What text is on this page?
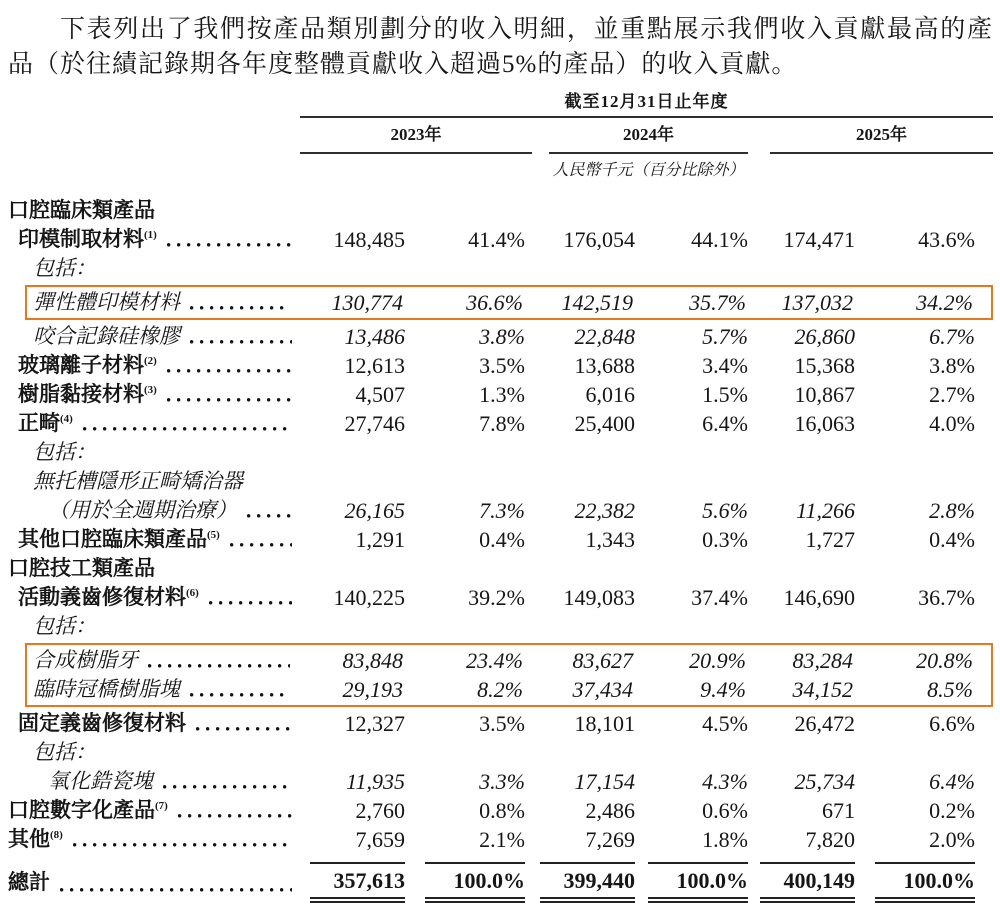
下表列出了我們按產品類別劃分的收入明細，並重點展示我們收入貢獻最高的產品（於往績記錄期各年度整體貢獻收入超過5%的產品）的收入貢獻。
截至12月31日止年度
2023年	2024年	2025年
人民幣千元（百分比除外）
口腔臨床類產品
印模制取材料$^{(1)}$	148,485	41.4%	176,054	44.1%	174,471	43.6%
包括：
彈性體印模材料	130,774	36.6%	142,519	35.7%	137,032	34.2%
咬合記錄硅橡膠	13,486	3.8%	22,848	5.7%	26,860	6.7%
玻璃離子材料$^{(2)}$	12,613	3.5%	13,688	3.4%	15,368	3.8%
樹脂黏接材料$^{(3)}$	4,507	1.3%	6,016	1.5%	10,867	2.7%
正畸$^{(4)}$	27,746	7.8%	25,400	6.4%	16,063	4.0%
包括：
無托槽隱形正畸矯治器
（用於全週期治療）	26,165	7.3%	22,382	5.6%	11,266	2.8%
其他口腔臨床類產品$^{(5)}$	1,291	0.4%	1,343	0.3%	1,727	0.4%
口腔技工類產品
活動義齒修復材料$^{(6)}$	140,225	39.2%	149,083	37.4%	146,690	36.7%
包括：
合成樹脂牙	83,848	23.4%	83,627	20.9%	83,284	20.8%
臨時冠橋樹脂塊	29,193	8.2%	37,434	9.4%	34,152	8.5%
固定義齒修復材料	12,327	3.5%	18,101	4.5%	26,472	6.6%
包括：
氧化鋯瓷塊	11,935	3.3%	17,154	4.3%	25,734	6.4%
口腔數字化產品$^{(7)}$	2,760	0.8%	2,486	0.6%	671	0.2%
其他$^{(8)}$	7,659	2.1%	7,269	1.8%	7,820	2.0%
總計	357,613	100.0%	399,440	100.0%	400,149	100.0%
